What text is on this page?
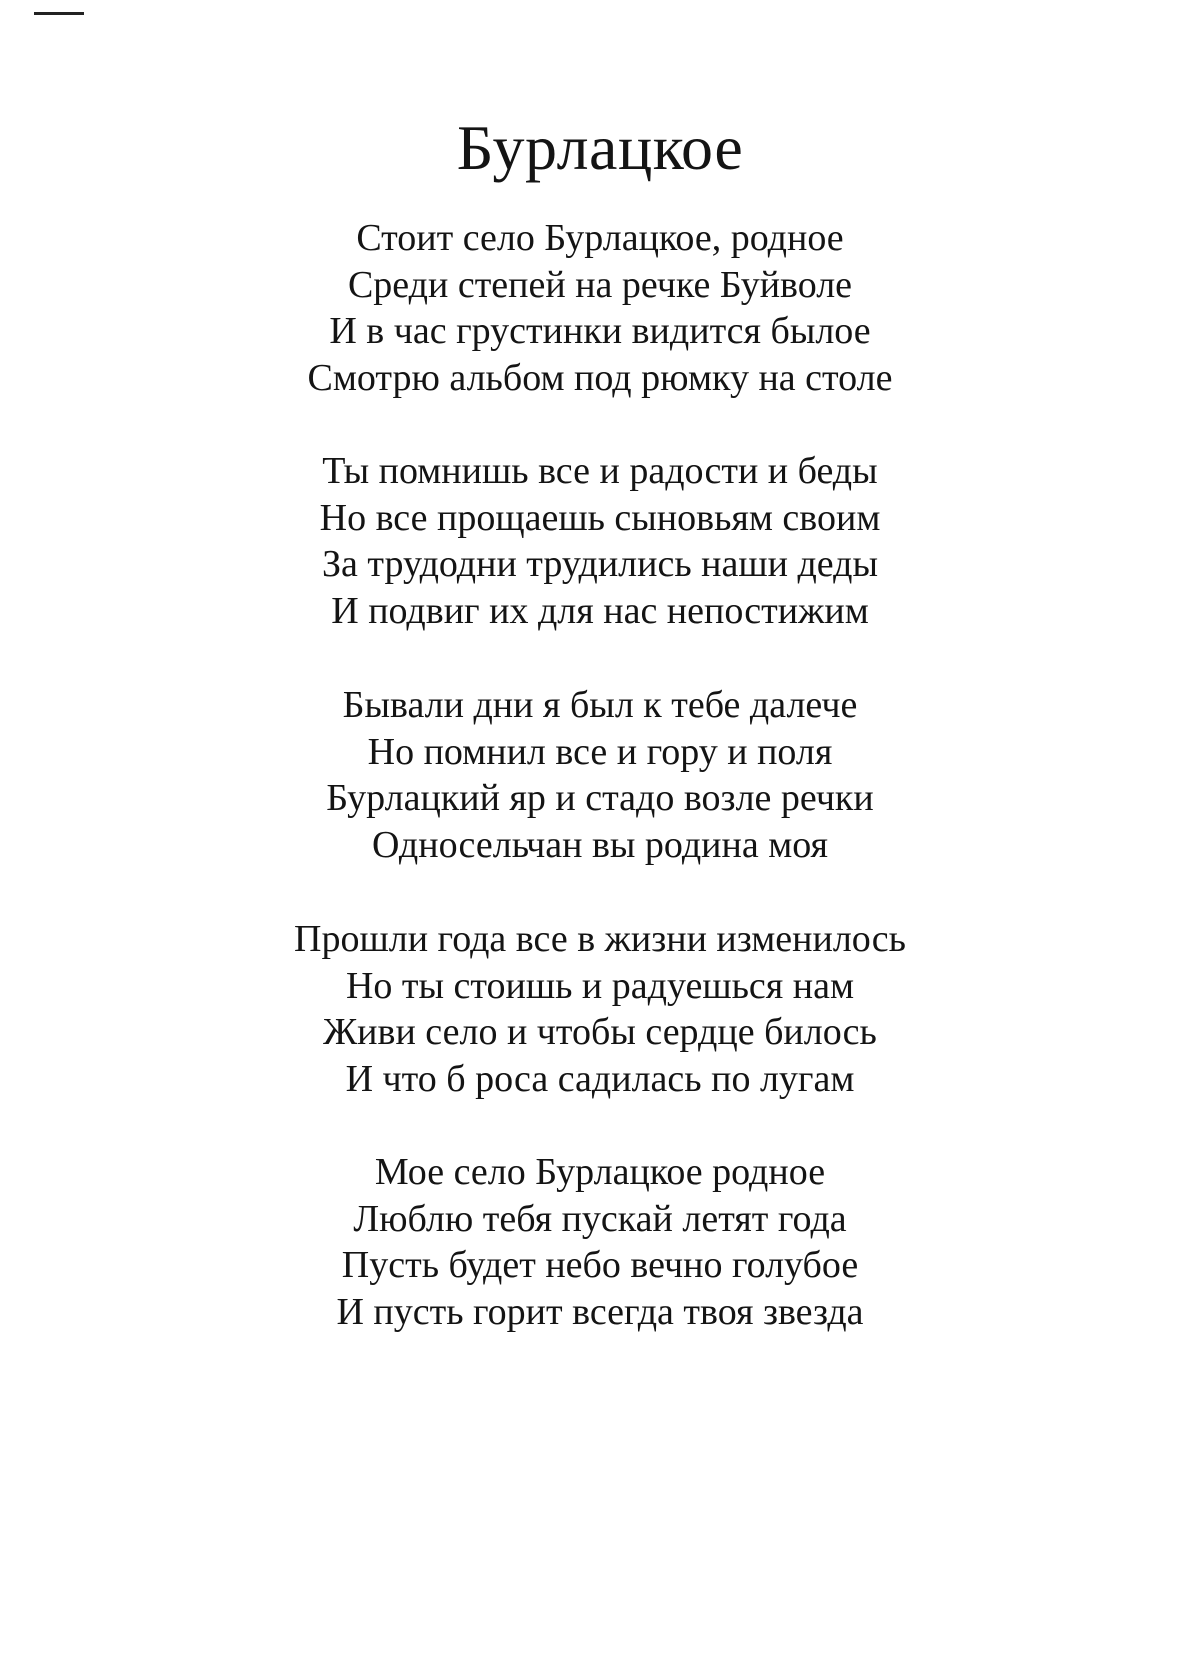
Бурлацкое

Стоит село Бурлацкое, родное
Среди степей на речке Буйволе
И в час грустинки видится былое
Смотрю альбом под рюмку на столе

Ты помнишь все и радости и беды
Но все прощаешь сыновьям своим
За трудодни трудились наши деды
И подвиг их для нас непостижим

Бывали дни я был к тебе далече
Но помнил все и гору и поля
Бурлацкий яр и стадо возле речки
Односельчан вы родина моя

Прошли года все в жизни изменилось
Но ты стоишь и радуешься нам
Живи село и чтобы сердце билось
И что б роса садилась по лугам

Мое село Бурлацкое родное
Люблю тебя пускай летят года
Пусть будет небо вечно голубое
И пусть горит всегда твоя звезда
